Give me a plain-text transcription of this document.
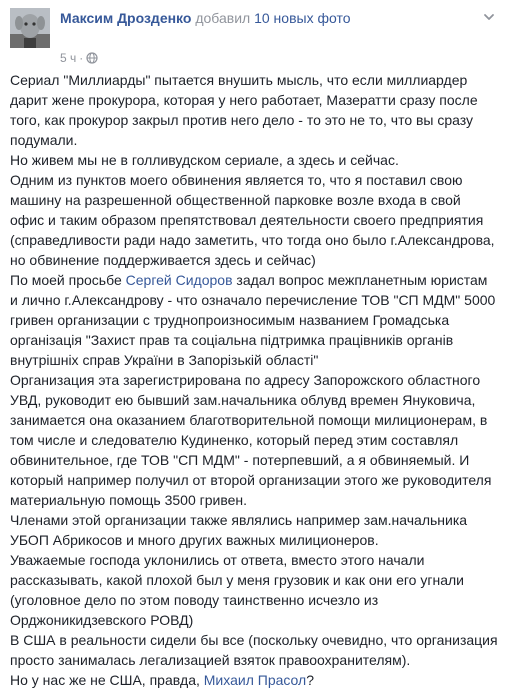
Максим Дрозденко добавил 10 новых фото
5 ч ·

Сериал "Миллиарды" пытается внушить мысль, что если миллиардер дарит жене прокурора, которая у него работает, Мазератти сразу после того, как прокурор закрыл против него дело - то это не то, что вы сразу подумали.

Но живем мы не в голливудском сериале, а здесь и сейчас.

Одним из пунктов моего обвинения является то, что я поставил свою машину на разрешенной общественной парковке возле входа в свой офис и таким образом препятствовал деятельности своего предприятия (справедливости ради надо заметить, что тогда оно было г.Александрова, но обвинение поддерживается здесь и сейчас)

По моей просьбе Сергей Сидоров задал вопрос межпланетным юристам и лично г.Александрову - что означало перечисление ТОВ "СП МДМ" 5000 гривен организации с труднопроизносимым названием Громадська організація "Захист прав та соціальна підтримка працівників органів внутрішніх справ України в Запорізькій області"

Организация эта зарегистрирована по адресу Запорожского областного УВД, руководит ею бывший зам.начальника облувд времен Януковича, занимается она оказанием благотворительной помощи милиционерам, в том числе и следователю Кудиненко, который перед этим составлял обвинительное, где ТОВ "СП МДМ" - потерпевший, а я обвиняемый. И который например получил от второй организации этого же руководителя материальную помощь 3500 гривен.

Членами этой организации также являлись например зам.начальника УБОП Абрикосов и много других важных милиционеров.

Уважаемые господа уклонились от ответа, вместо этого начали рассказывать, какой плохой был у меня грузовик и как они его угнали (уголовное дело по этом поводу таинственно исчезло из Орджоникидзевского РОВД)

В США в реальности сидели бы все (поскольку очевидно, что организация просто занималась легализацией взяток правоохранителям).

Но у нас же не США, правда, Михаил Прасол?
